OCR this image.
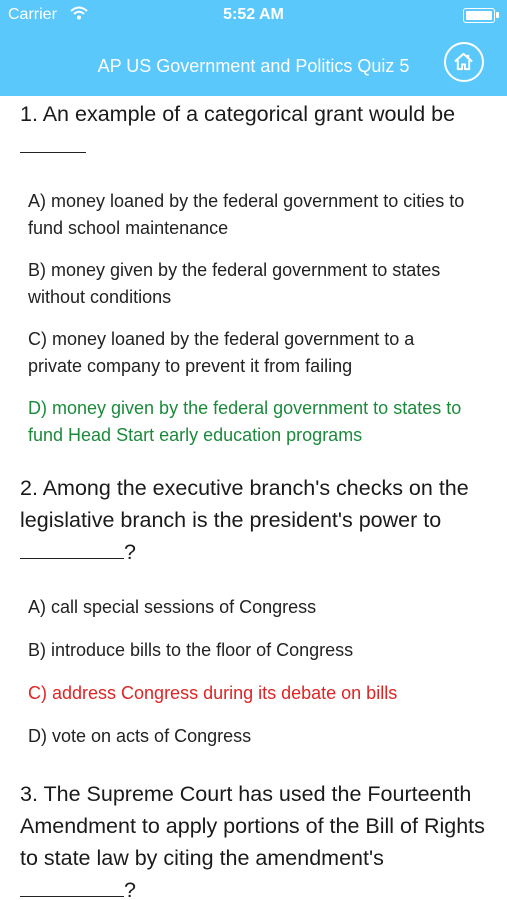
Carrier	5:52 AM
AP US Government and Politics Quiz 5
1. An example of a categorical grant would be

A) money loaned by the federal government to cities to fund school maintenance
B) money given by the federal government to states without conditions
C) money loaned by the federal government to a private company to prevent it from failing
D) money given by the federal government to states to fund Head Start early education programs
2. Among the executive branch's checks on the legislative branch is the president's power to
?
A) call special sessions of Congress
B) introduce bills to the floor of Congress
C) address Congress during its debate on bills
D) vote on acts of Congress
3. The Supreme Court has used the Fourteenth Amendment to apply portions of the Bill of Rights to state law by citing the amendment's
?
